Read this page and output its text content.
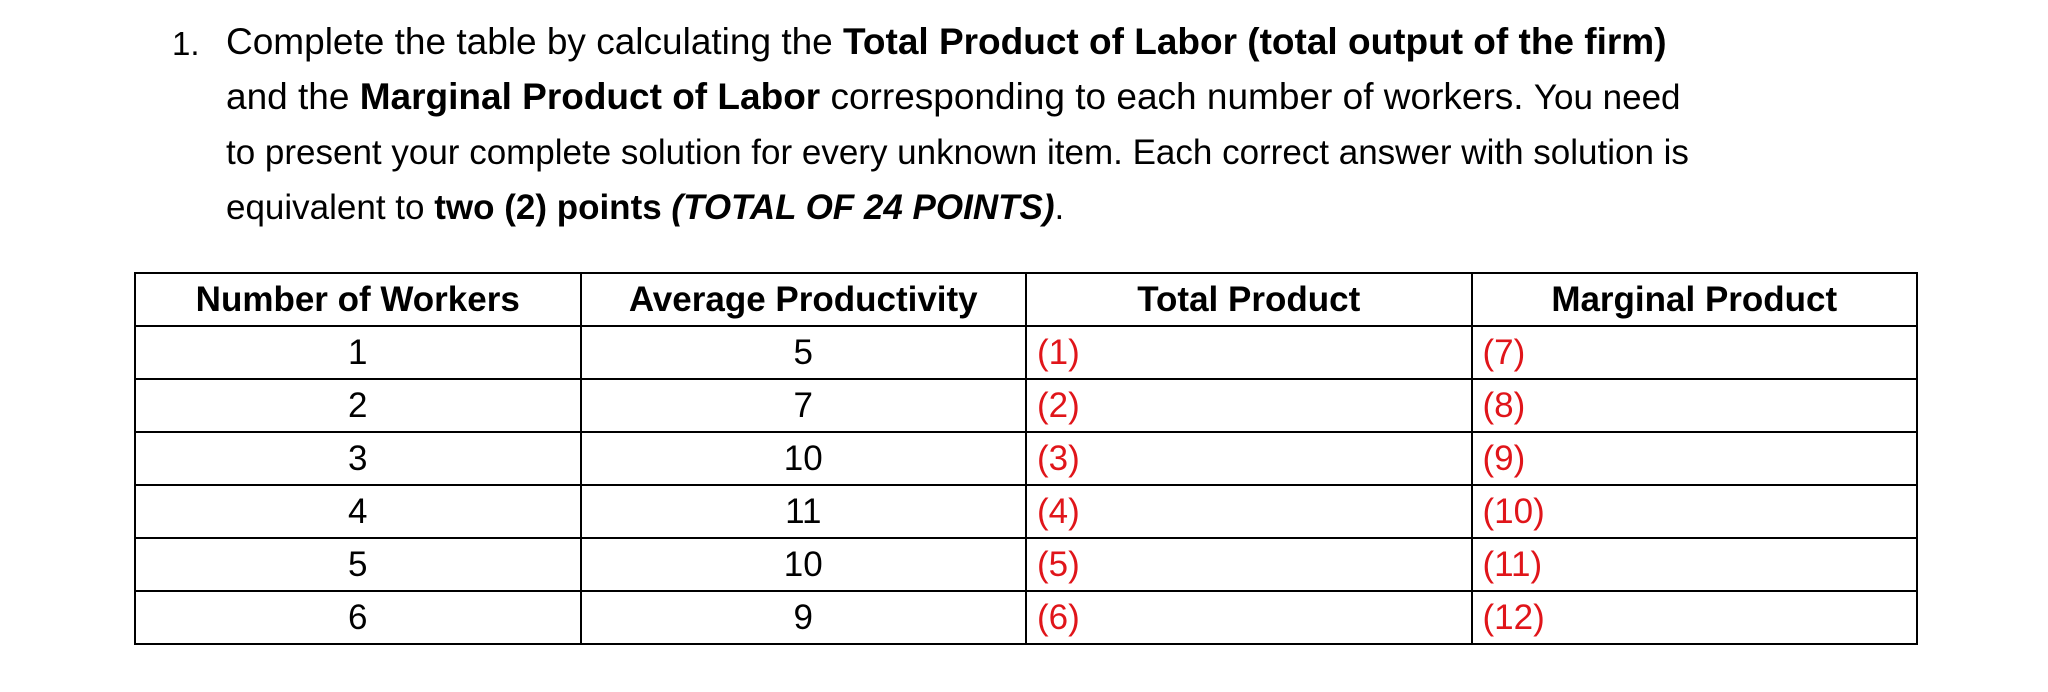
1. Complete the table by calculating the Total Product of Labor (total output of the firm)
and the Marginal Product of Labor corresponding to each number of workers. You need
to present your complete solution for every unknown item. Each correct answer with solution is
equivalent to two (2) points (TOTAL OF 24 POINTS).
Number of Workers	Average Productivity	Total Product	Marginal Product
1	5	(1)	(7)
2	7	(2)	(8)
3	10	(3)	(9)
4	11	(4)	(10)
5	10	(5)	(11)
6	9	(6)	(12)
